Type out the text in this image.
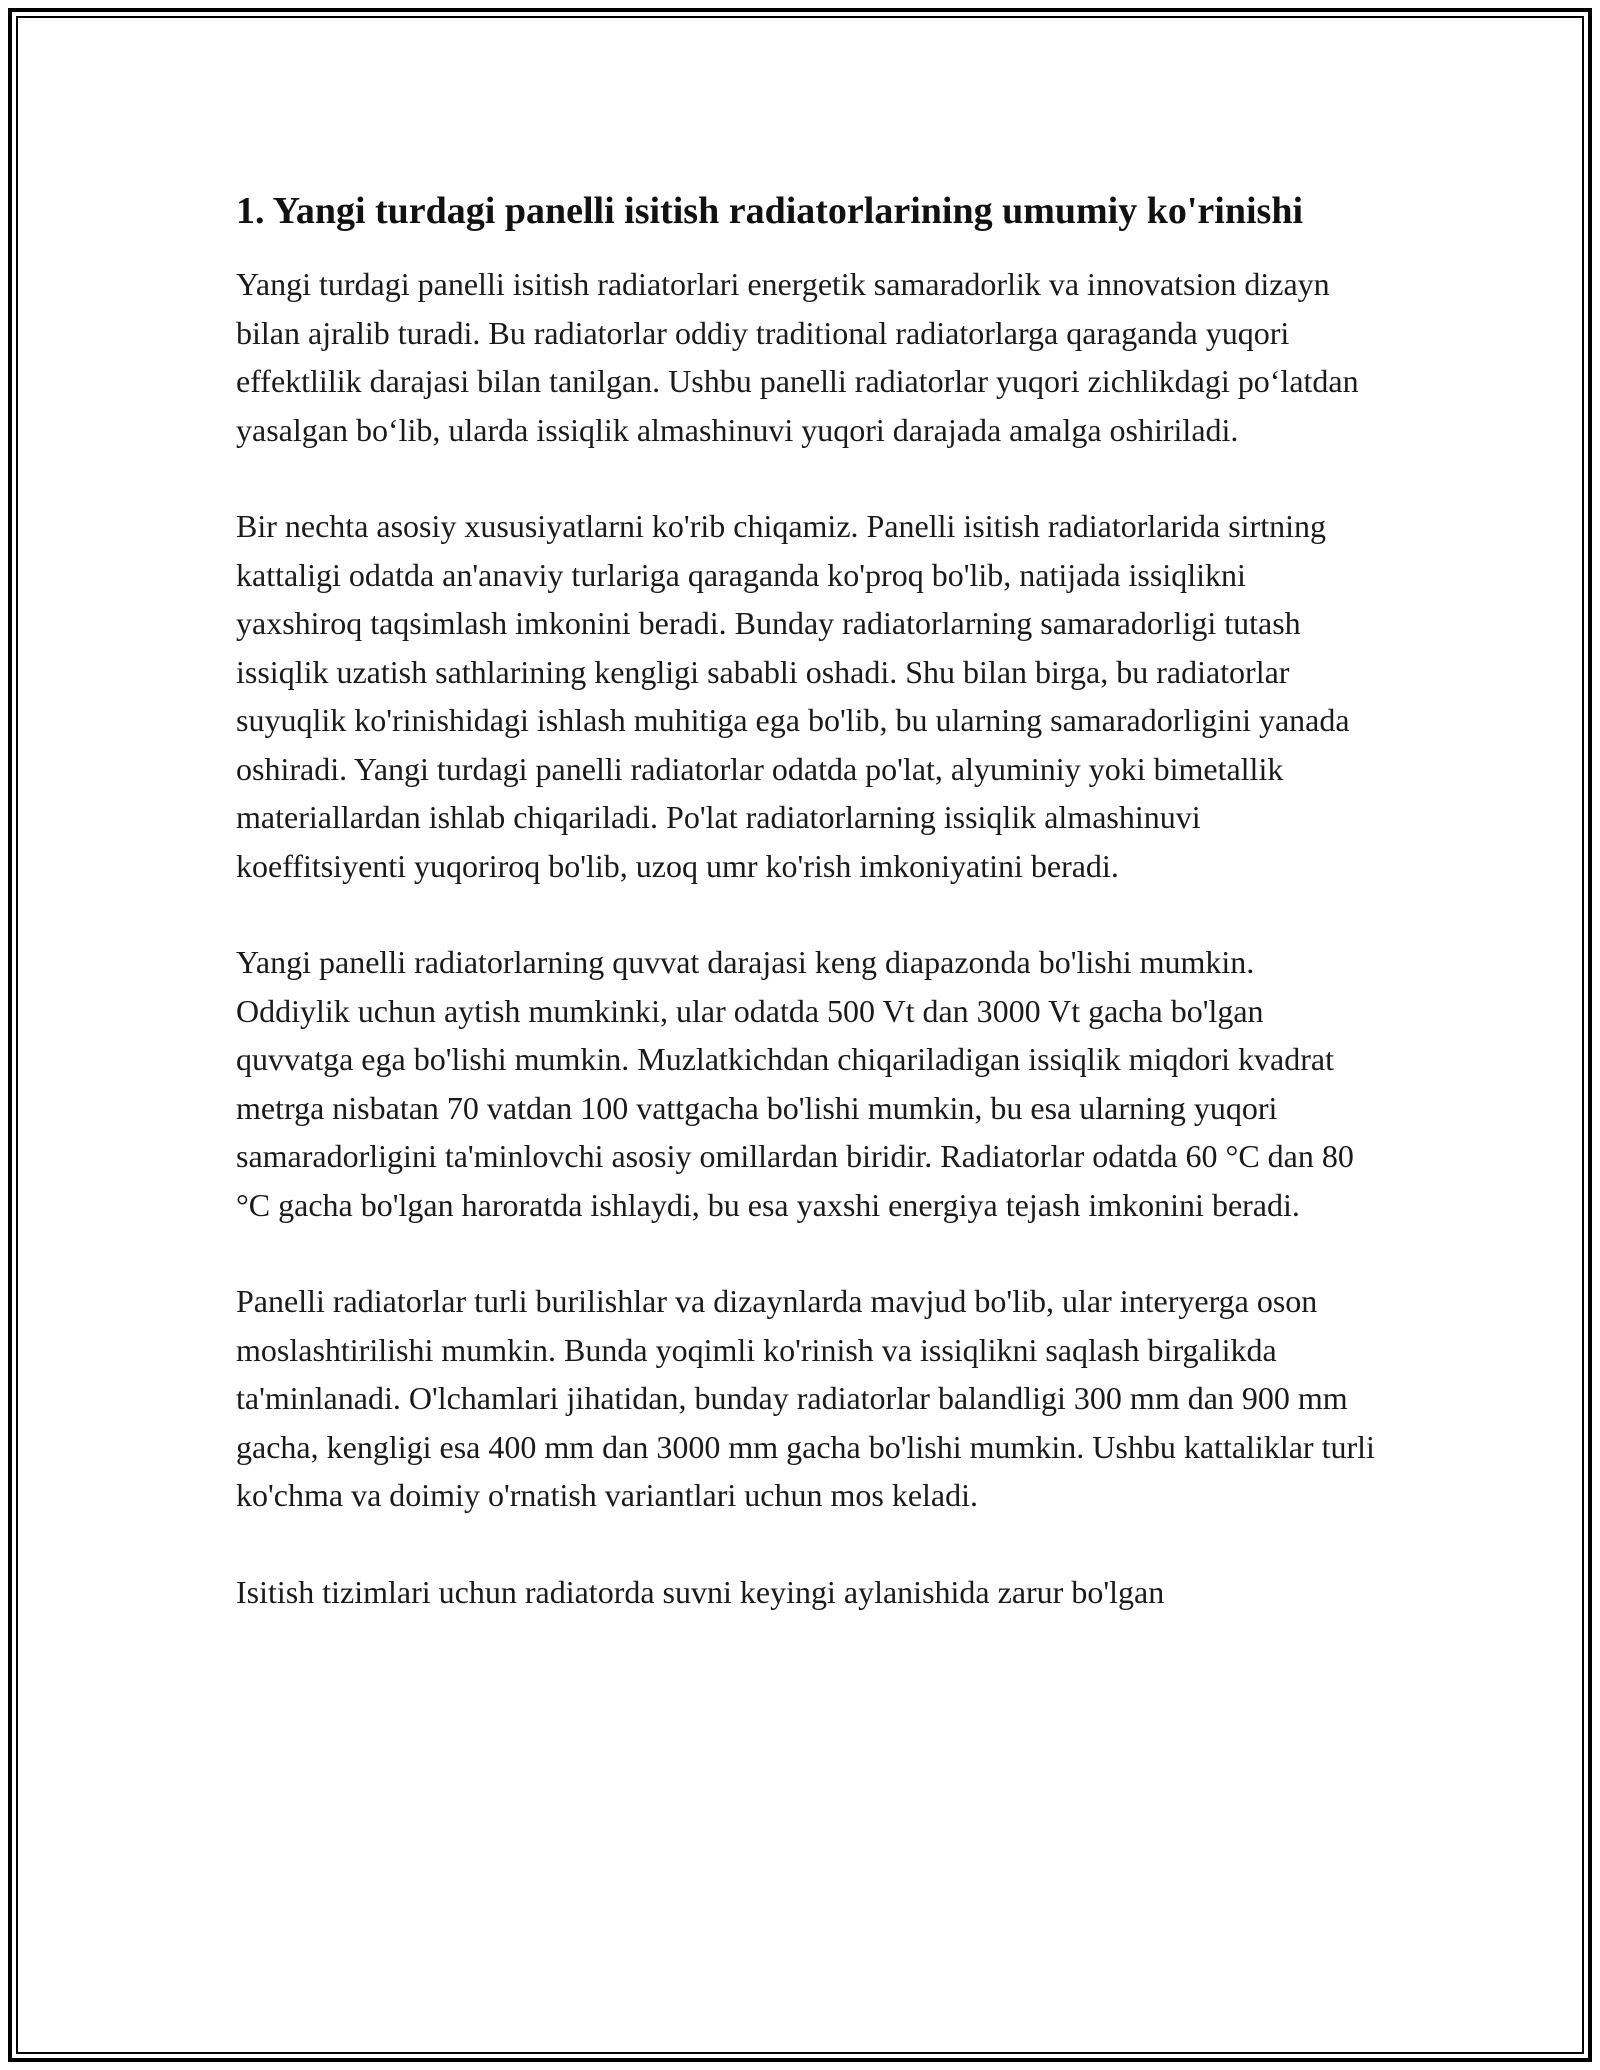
1. Yangi turdagi panelli isitish radiatorlarining umumiy ko'rinishi

Yangi turdagi panelli isitish radiatorlari energetik samaradorlik va innovatsion dizayn bilan ajralib turadi. Bu radiatorlar oddiy traditional radiatorlarga qaraganda yuqori effektlilik darajasi bilan tanilgan. Ushbu panelli radiatorlar yuqori zichlikdagi po‘latdan yasalgan bo‘lib, ularda issiqlik almashinuvi yuqori darajada amalga oshiriladi.

Bir nechta asosiy xususiyatlarni ko'rib chiqamiz. Panelli isitish radiatorlarida sirtning kattaligi odatda an'anaviy turlariga qaraganda ko'proq bo'lib, natijada issiqlikni yaxshiroq taqsimlash imkonini beradi. Bunday radiatorlarning samaradorligi tutash issiqlik uzatish sathlarining kengligi sababli oshadi. Shu bilan birga, bu radiatorlar suyuqlik ko'rinishidagi ishlash muhitiga ega bo'lib, bu ularning samaradorligini yanada oshiradi. Yangi turdagi panelli radiatorlar odatda po'lat, alyuminiy yoki bimetallik materiallardan ishlab chiqariladi. Po'lat radiatorlarning issiqlik almashinuvi koeffitsiyenti yuqoriroq bo'lib, uzoq umr ko'rish imkoniyatini beradi.

Yangi panelli radiatorlarning quvvat darajasi keng diapazonda bo'lishi mumkin. Oddiylik uchun aytish mumkinki, ular odatda 500 Vt dan 3000 Vt gacha bo'lgan quvvatga ega bo'lishi mumkin. Muzlatkichdan chiqariladigan issiqlik miqdori kvadrat metrga nisbatan 70 vatdan 100 vattgacha bo'lishi mumkin, bu esa ularning yuqori samaradorligini ta'minlovchi asosiy omillardan biridir. Radiatorlar odatda 60 °C dan 80 °C gacha bo'lgan haroratda ishlaydi, bu esa yaxshi energiya tejash imkonini beradi.

Panelli radiatorlar turli burilishlar va dizaynlarda mavjud bo'lib, ular interyerga oson moslashtirilishi mumkin. Bunda yoqimli ko'rinish va issiqlikni saqlash birgalikda ta'minlanadi. O'lchamlari jihatidan, bunday radiatorlar balandligi 300 mm dan 900 mm gacha, kengligi esa 400 mm dan 3000 mm gacha bo'lishi mumkin. Ushbu kattaliklar turli ko'chma va doimiy o'rnatish variantlari uchun mos keladi.

Isitish tizimlari uchun radiatorda suvni keyingi aylanishida zarur bo'lgan
